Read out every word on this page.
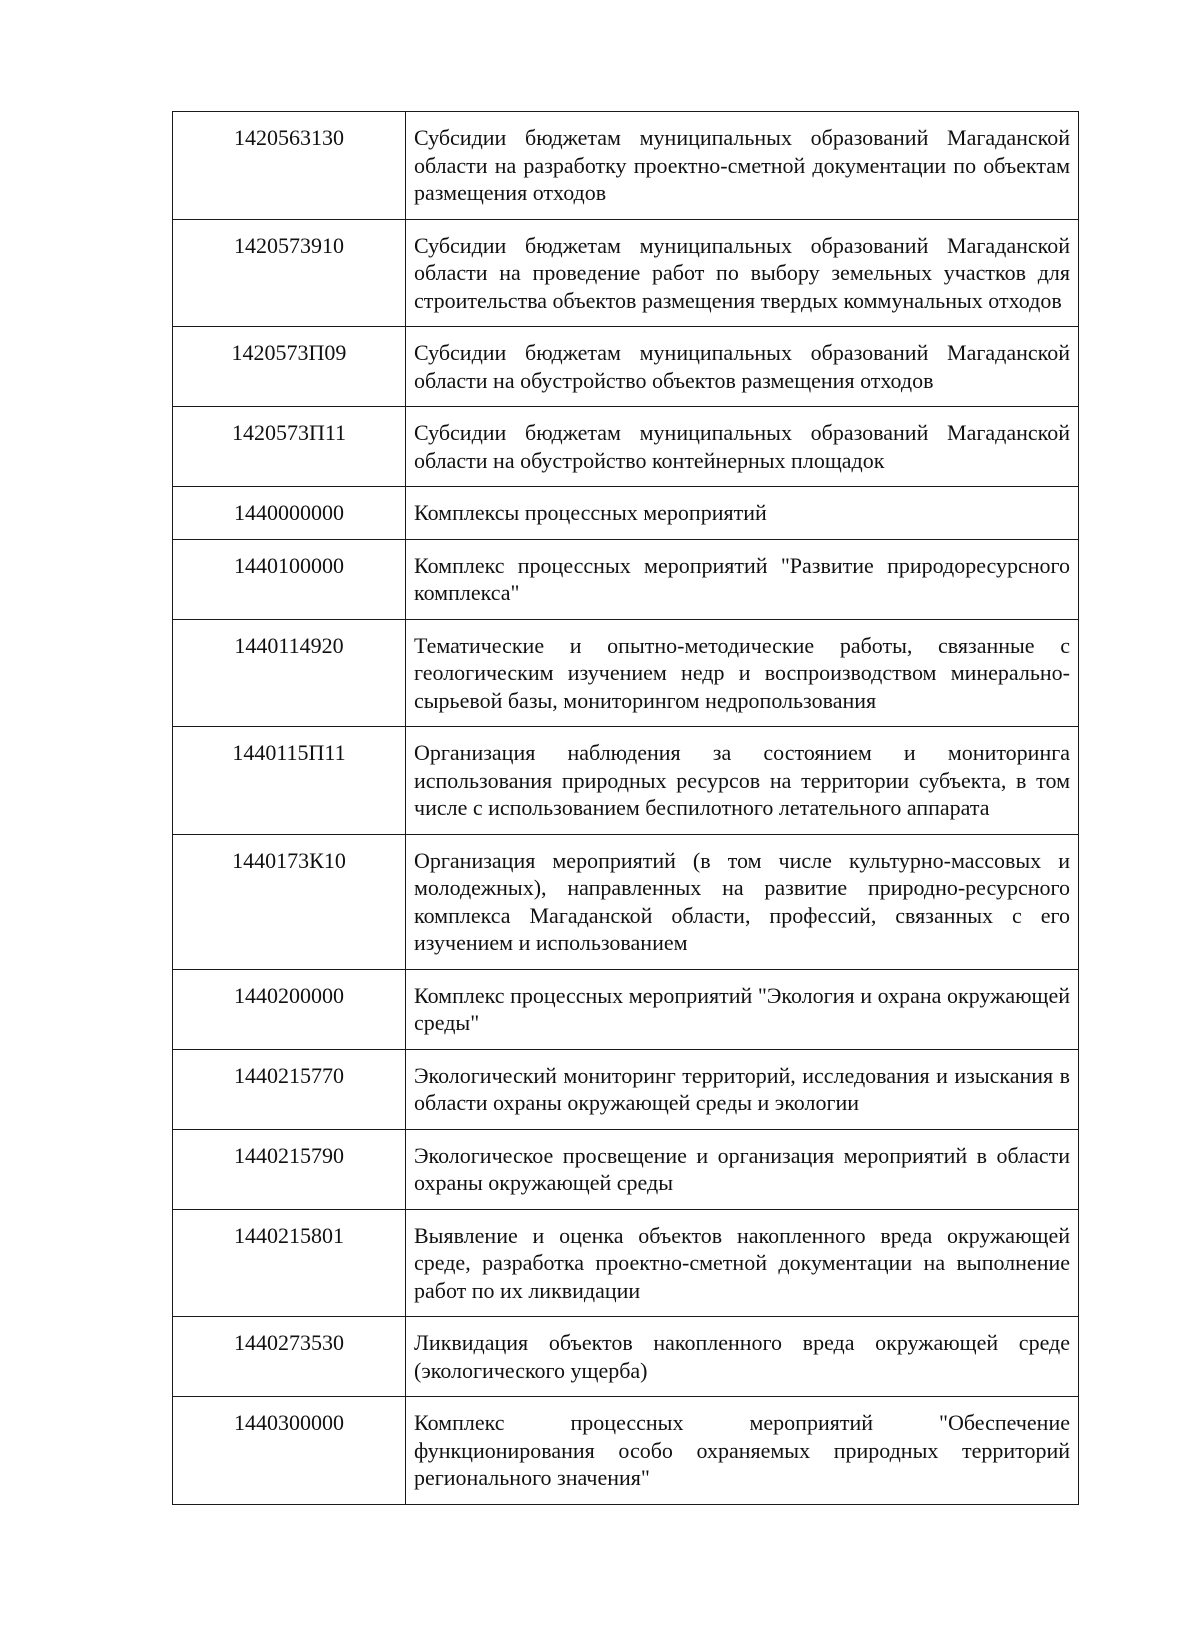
1420563130	Субсидии бюджетам муниципальных образований Магаданской области на разработку проектно-сметной документации по объектам размещения отходов
1420573910	Субсидии бюджетам муниципальных образований Магаданской области на проведение работ по выбору земельных участков для строительства объектов размещения твердых коммунальных отходов
1420573П09	Субсидии бюджетам муниципальных образований Магаданской области на обустройство объектов размещения отходов
1420573П11	Субсидии бюджетам муниципальных образований Магаданской области на обустройство контейнерных площадок
1440000000	Комплексы процессных мероприятий
1440100000	Комплекс процессных мероприятий "Развитие природоресурсного комплекса"
1440114920	Тематические и опытно-методические работы, связанные с геологическим изучением недр и воспроизводством минерально-сырьевой базы, мониторингом недропользования
1440115П11	Организация наблюдения за состоянием и мониторинга использования природных ресурсов на территории субъекта, в том числе с использованием беспилотного летательного аппарата
1440173К10	Организация мероприятий (в том числе культурно-массовых и молодежных), направленных на развитие природно-ресурсного комплекса Магаданской области, профессий, связанных с его изучением и использованием
1440200000	Комплекс процессных мероприятий "Экология и охрана окружающей среды"
1440215770	Экологический мониторинг территорий, исследования и изыскания в области охраны окружающей среды и экологии
1440215790	Экологическое просвещение и организация мероприятий в области охраны окружающей среды
1440215801	Выявление и оценка объектов накопленного вреда окружающей среде, разработка проектно-сметной документации на выполнение работ по их ликвидации
1440273530	Ликвидация объектов накопленного вреда окружающей среде (экологического ущерба)
1440300000	Комплекс процессных мероприятий "Обеспечение функционирования особо охраняемых природных территорий регионального значения"
